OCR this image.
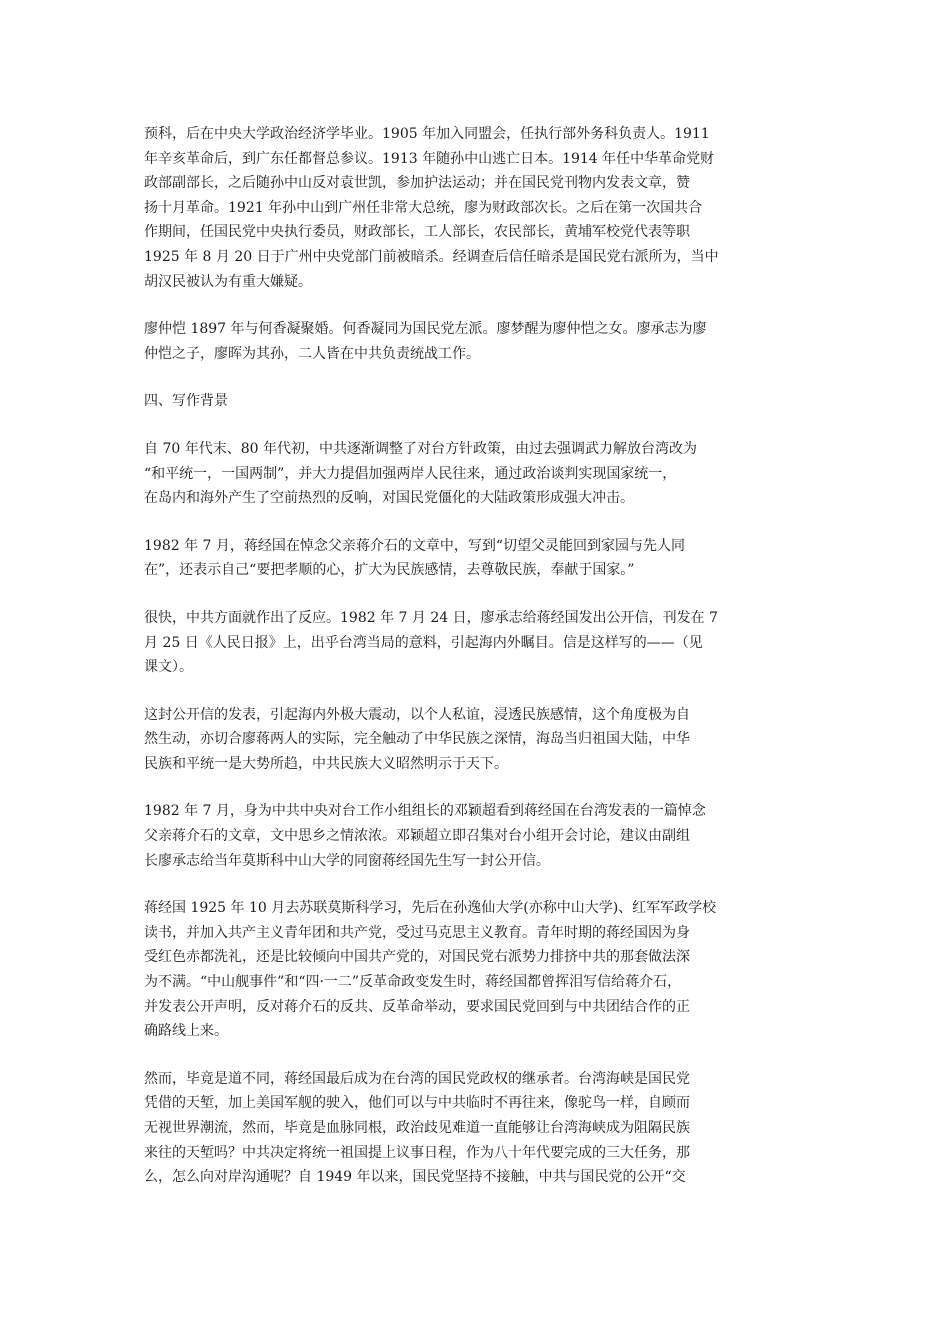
预科，后在中央大学政治经济学毕业。1905 年加入同盟会，任执行部外务科负责人。1911
年辛亥革命后，到广东任都督总参议。1913 年随孙中山逃亡日本。1914 年任中华革命党财
政部副部长，之后随孙中山反对袁世凯，参加护法运动；并在国民党刊物内发表文章，赞
扬十月革命。1921 年孙中山到广州任非常大总统，廖为财政部次长。之后在第一次国共合
作期间，任国民党中央执行委员，财政部长，工人部长，农民部长，黄埔军校党代表等职
1925 年 8 月 20 日于广州中央党部门前被暗杀。经调查后信任暗杀是国民党右派所为，当中
胡汉民被认为有重大嫌疑。
廖仲恺 1897 年与何香凝聚婚。何香凝同为国民党左派。廖梦醒为廖仲恺之女。廖承志为廖
仲恺之子，廖晖为其孙，二人皆在中共负责统战工作。
四、写作背景
自 70 年代末、80 年代初，中共逐渐调整了对台方针政策，由过去强调武力解放台湾改为
“和平统一，一国两制”，并大力提倡加强两岸人民往来，通过政治谈判实现国家统一，
在岛内和海外产生了空前热烈的反响，对国民党僵化的大陆政策形成强大冲击。
1982 年 7 月，蒋经国在悼念父亲蒋介石的文章中，写到“切望父灵能回到家园与先人同
在”，还表示自己“要把孝顺的心，扩大为民族感情，去尊敬民族，奉献于国家。”
很快，中共方面就作出了反应。1982 年 7 月 24 日，廖承志给蒋经国发出公开信，刊发在 7
月 25 日《人民日报》上，出乎台湾当局的意料，引起海内外瞩目。信是这样写的——（见
课文）。
这封公开信的发表，引起海内外极大震动，以个人私谊，浸透民族感情，这个角度极为自
然生动，亦切合廖蒋两人的实际，完全触动了中华民族之深情，海岛当归祖国大陆，中华
民族和平统一是大势所趋，中共民族大义昭然明示于天下。
1982 年 7 月，身为中共中央对台工作小组组长的邓颖超看到蒋经国在台湾发表的一篇悼念
父亲蒋介石的文章，文中思乡之情浓浓。邓颖超立即召集对台小组开会讨论，建议由副组
长廖承志给当年莫斯科中山大学的同窗蒋经国先生写一封公开信。
蒋经国 1925 年 10 月去苏联莫斯科学习，先后在孙逸仙大学(亦称中山大学)、红军军政学校
读书，并加入共产主义青年团和共产党，受过马克思主义教育。青年时期的蒋经国因为身
受红色赤都洗礼，还是比较倾向中国共产党的，对国民党右派势力排挤中共的那套做法深
为不满。“中山舰事件”和“四·一二”反革命政变发生时，蒋经国都曾挥泪写信给蒋介石，
并发表公开声明，反对蒋介石的反共、反革命举动，要求国民党回到与中共团结合作的正
确路线上来。
然而，毕竟是道不同，蒋经国最后成为在台湾的国民党政权的继承者。台湾海峡是国民党
凭借的天堑，加上美国军舰的驶入，他们可以与中共临时不再往来，像驼鸟一样，自顾而
无视世界潮流，然而，毕竟是血脉同根，政治歧见难道一直能够让台湾海峡成为阻隔民族
来往的天堑吗？中共决定将统一祖国提上议事日程，作为八十年代要完成的三大任务，那
么，怎么向对岸沟通呢？自 1949 年以来，国民党坚持不接触，中共与国民党的公开“交
